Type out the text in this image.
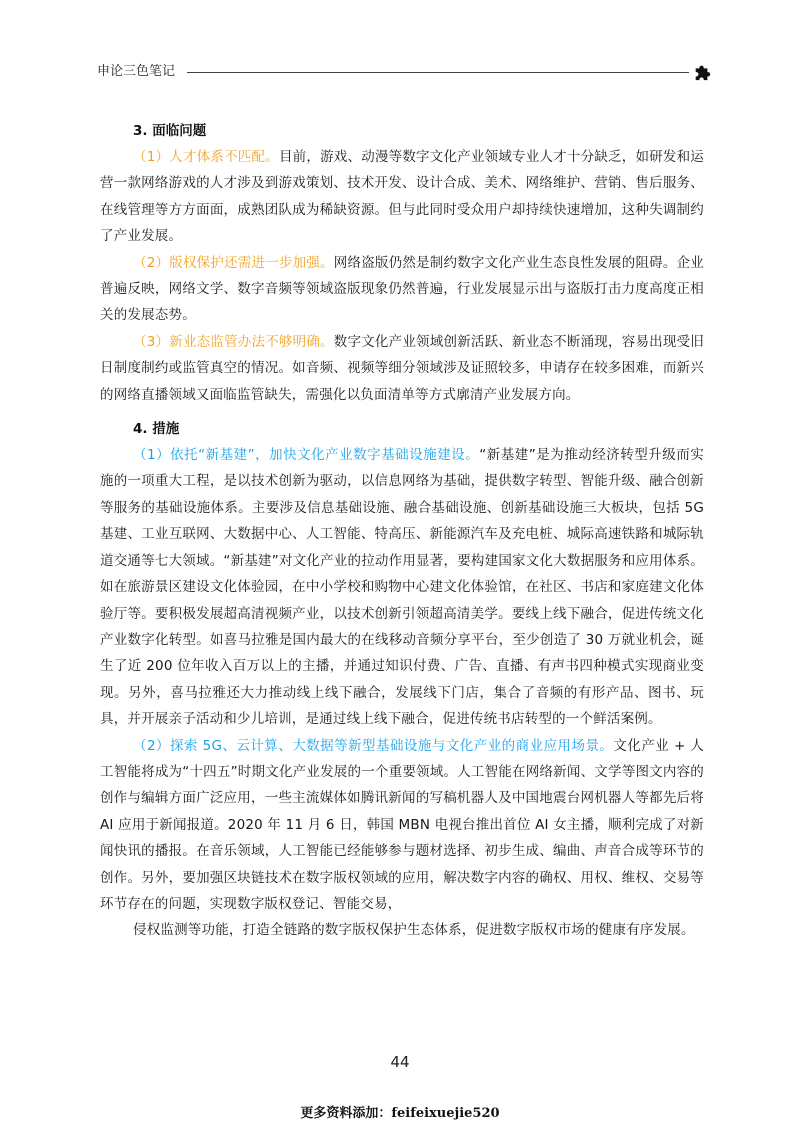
申论三色笔记
3. 面临问题

（1）人才体系不匹配。目前，游戏、动漫等数字文化产业领域专业人才十分缺乏，如研发和运营一款网络游戏的人才涉及到游戏策划、技术开发、设计合成、美术、网络维护、营销、售后服务、在线管理等方方面面，成熟团队成为稀缺资源。但与此同时受众用户却持续快速增加，这种失调制约了产业发展。

（2）版权保护还需进一步加强。网络盗版仍然是制约数字文化产业生态良性发展的阻碍。企业普遍反映，网络文学、数字音频等领域盗版现象仍然普遍，行业发展显示出与盗版打击力度高度正相关的发展态势。

（3）新业态监管办法不够明确。数字文化产业领域创新活跃、新业态不断涌现，容易出现受旧日制度制约或监管真空的情况。如音频、视频等细分领域涉及证照较多，申请存在较多困难，而新兴的网络直播领域又面临监管缺失，需强化以负面清单等方式廓清产业发展方向。

4. 措施

（1）依托“新基建”，加快文化产业数字基础设施建设。“新基建”是为推动经济转型升级而实施的一项重大工程，是以技术创新为驱动，以信息网络为基础，提供数字转型、智能升级、融合创新等服务的基础设施体系。主要涉及信息基础设施、融合基础设施、创新基础设施三大板块，包括 5G 基建、工业互联网、大数据中心、人工智能、特高压、新能源汽车及充电桩、城际高速铁路和城际轨道交通等七大领域。“新基建”对文化产业的拉动作用显著，要构建国家文化大数据服务和应用体系。如在旅游景区建设文化体验园，在中小学校和购物中心建文化体验馆，在社区、书店和家庭建文化体验厅等。要积极发展超高清视频产业，以技术创新引领超高清美学。要线上线下融合，促进传统文化产业数字化转型。如喜马拉雅是国内最大的在线移动音频分享平台，至少创造了 30 万就业机会，诞生了近 200 位年收入百万以上的主播，并通过知识付费、广告、直播、有声书四种模式实现商业变现。另外，喜马拉雅还大力推动线上线下融合，发展线下门店，集合了音频的有形产品、图书、玩具，并开展亲子活动和少儿培训，是通过线上线下融合，促进传统书店转型的一个鲜活案例。

（2）探索 5G、云计算、大数据等新型基础设施与文化产业的商业应用场景。文化产业 + 人工智能将成为“十四五”时期文化产业发展的一个重要领域。人工智能在网络新闻、文学等图文内容的创作与编辑方面广泛应用，一些主流媒体如腾讯新闻的写稿机器人及中国地震台网机器人等都先后将 AI 应用于新闻报道。2020 年 11 月 6 日，韩国 MBN 电视台推出首位 AI 女主播，顺利完成了对新闻快讯的播报。在音乐领域，人工智能已经能够参与题材选择、初步生成、编曲、声音合成等环节的创作。另外，要加强区块链技术在数字版权领域的应用，解决数字内容的确权、用权、维权、交易等环节存在的问题，实现数字版权登记、智能交易，

侵权监测等功能，打造全链路的数字版权保护生态体系，促进数字版权市场的健康有序发展。

44
更多资料添加：feifeixuejie520
